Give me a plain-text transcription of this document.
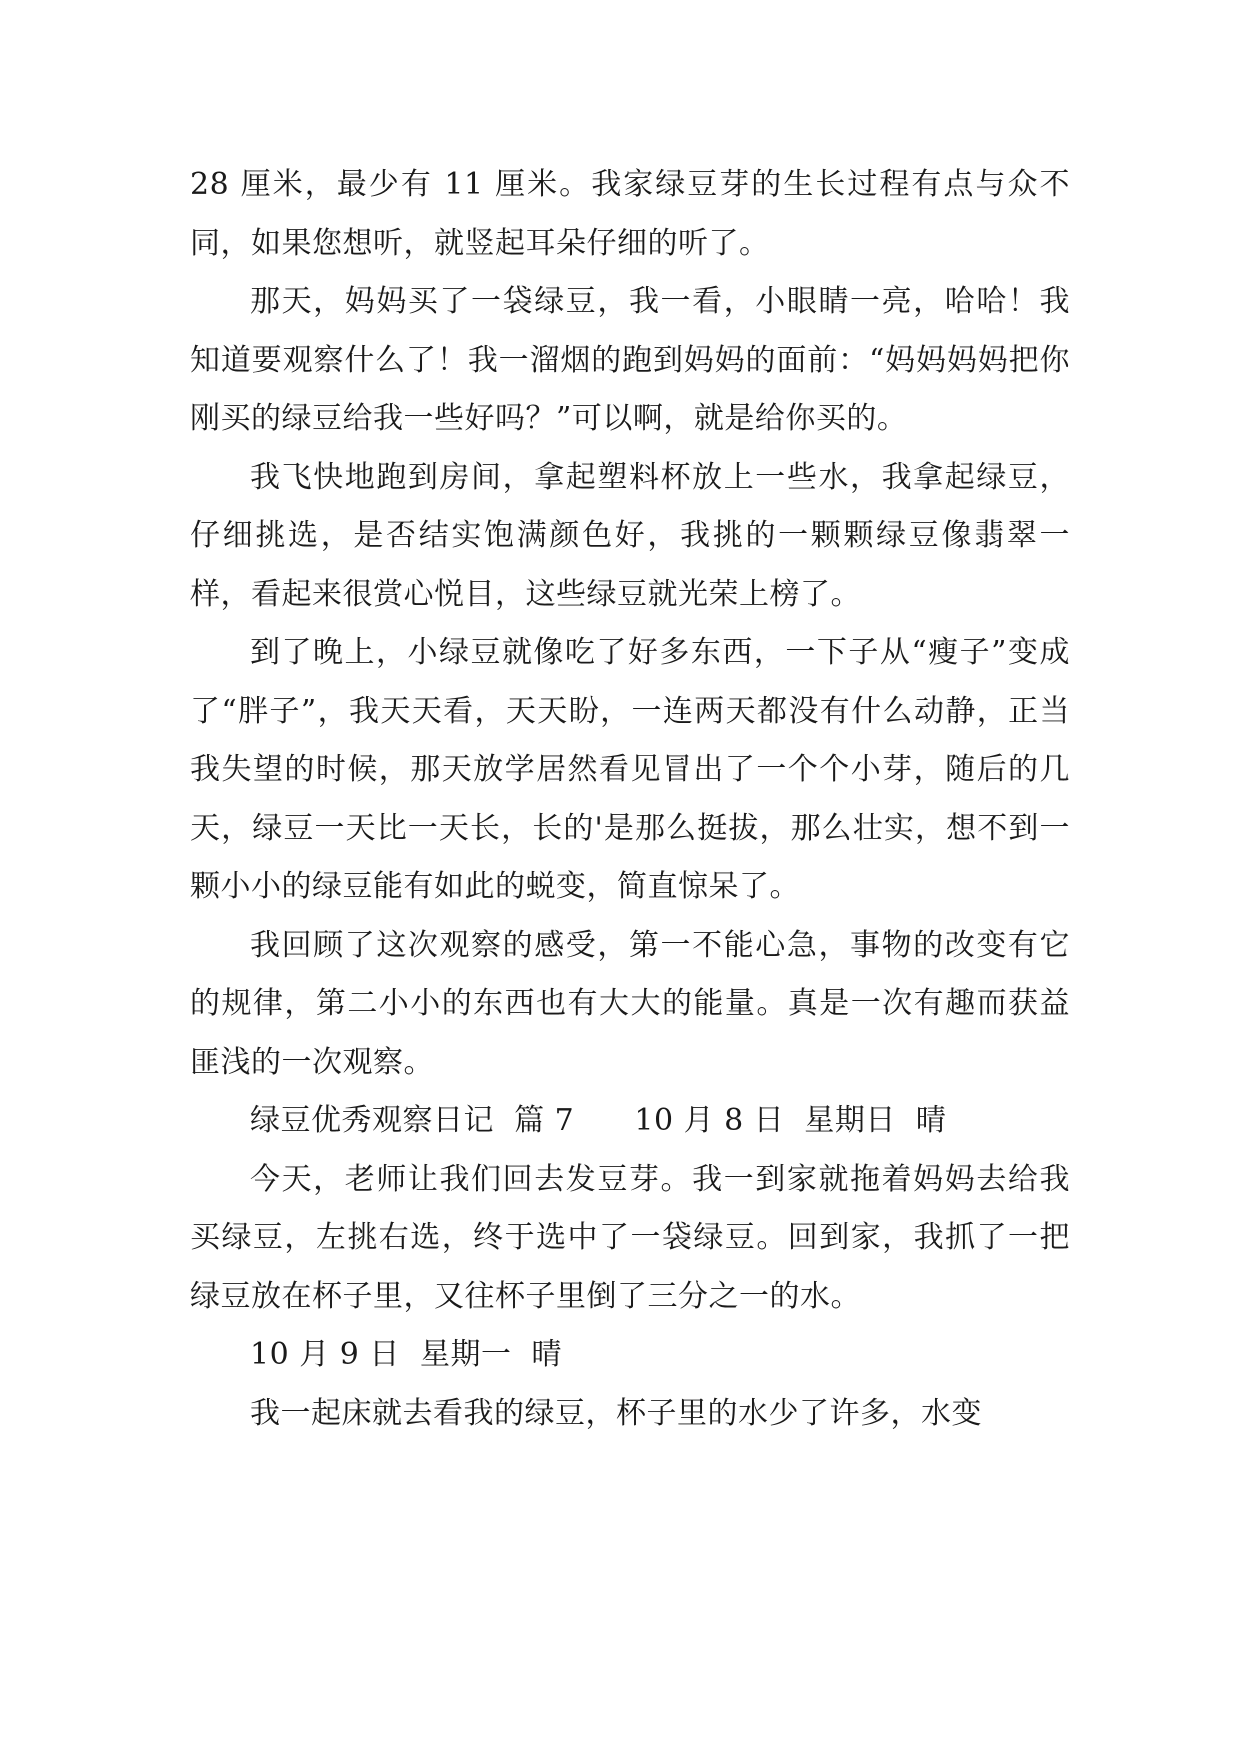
28 厘米，最少有 11 厘米。我家绿豆芽的生长过程有点与众不同，如果您想听，就竖起耳朵仔细的听了。

那天，妈妈买了一袋绿豆，我一看，小眼睛一亮，哈哈！我知道要观察什么了！我一溜烟的跑到妈妈的面前：“妈妈妈妈把你刚买的绿豆给我一些好吗？”可以啊，就是给你买的。

我飞快地跑到房间，拿起塑料杯放上一些水，我拿起绿豆，仔细挑选，是否结实饱满颜色好，我挑的一颗颗绿豆像翡翠一样，看起来很赏心悦目，这些绿豆就光荣上榜了。

到了晚上，小绿豆就像吃了好多东西，一下子从“瘦子”变成了“胖子”，我天天看，天天盼，一连两天都没有什么动静，正当我失望的时候，那天放学居然看见冒出了一个个小芽，随后的几天，绿豆一天比一天长，长的'是那么挺拔，那么壮实，想不到一颗小小的绿豆能有如此的蜕变，简直惊呆了。

我回顾了这次观察的感受，第一不能心急，事物的改变有它的规律，第二小小的东西也有大大的能量。真是一次有趣而获益匪浅的一次观察。

绿豆优秀观察日记  篇 7      10 月 8 日  星期日  晴

今天，老师让我们回去发豆芽。我一到家就拖着妈妈去给我买绿豆，左挑右选，终于选中了一袋绿豆。回到家，我抓了一把绿豆放在杯子里，又往杯子里倒了三分之一的水。

10 月 9 日  星期一  晴

我一起床就去看我的绿豆，杯子里的水少了许多，水变
